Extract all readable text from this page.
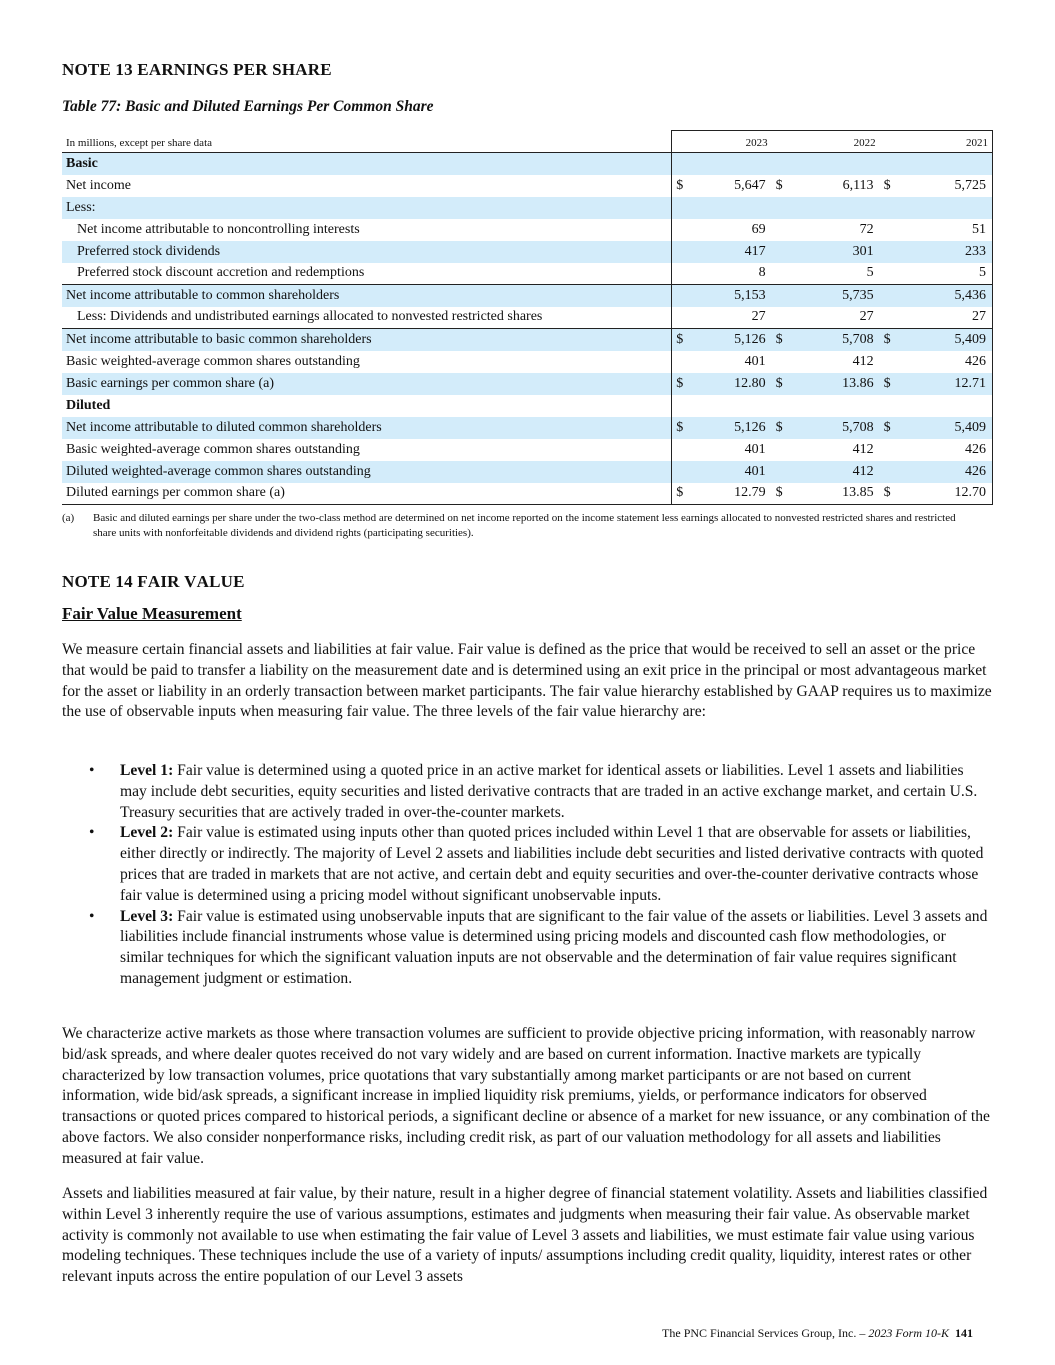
NOTE 13 EARNINGS PER SHARE
Table 77: Basic and Diluted Earnings Per Common Share
In millions, except per share data	2023		2022		2021	
Basic						
Net income	$	5,647	$	6,113	$	5,725
Less:						
Net income attributable to noncontrolling interests		69		72		51
Preferred stock dividends		417		301		233
Preferred stock discount accretion and redemptions		8		5		5
Net income attributable to common shareholders		5,153		5,735		5,436
Less: Dividends and undistributed earnings allocated to nonvested restricted shares		27		27		27
Net income attributable to basic common shareholders	$	5,126	$	5,708	$	5,409
Basic weighted-average common shares outstanding		401		412		426
Basic earnings per common share (a)	$	12.80	$	13.86	$	12.71
Diluted						
Net income attributable to diluted common shareholders	$	5,126	$	5,708	$	5,409
Basic weighted-average common shares outstanding		401		412		426
Diluted weighted-average common shares outstanding		401		412		426
Diluted earnings per common share (a)	$	12.79	$	13.85	$	12.70
(a)	Basic and diluted earnings per share under the two-class method are determined on net income reported on the income statement less earnings allocated to nonvested restricted shares and restricted share units with nonforfeitable dividends and dividend rights (participating securities).
NOTE 14 FAIR VALUE
Fair Value Measurement
We measure certain financial assets and liabilities at fair value. Fair value is defined as the price that would be received to sell an asset or the price that would be paid to transfer a liability on the measurement date and is determined using an exit price in the principal or most advantageous market for the asset or liability in an orderly transaction between market participants. The fair value hierarchy established by GAAP requires us to maximize the use of observable inputs when measuring fair value. The three levels of the fair value hierarchy are:
• Level 1: Fair value is determined using a quoted price in an active market for identical assets or liabilities. Level 1 assets and liabilities may include debt securities, equity securities and listed derivative contracts that are traded in an active exchange market, and certain U.S. Treasury securities that are actively traded in over-the-counter markets.
• Level 2: Fair value is estimated using inputs other than quoted prices included within Level 1 that are observable for assets or liabilities, either directly or indirectly. The majority of Level 2 assets and liabilities include debt securities and listed derivative contracts with quoted prices that are traded in markets that are not active, and certain debt and equity securities and over-the-counter derivative contracts whose fair value is determined using a pricing model without significant unobservable inputs.
• Level 3: Fair value is estimated using unobservable inputs that are significant to the fair value of the assets or liabilities. Level 3 assets and liabilities include financial instruments whose value is determined using pricing models and discounted cash flow methodologies, or similar techniques for which the significant valuation inputs are not observable and the determination of fair value requires significant management judgment or estimation.
We characterize active markets as those where transaction volumes are sufficient to provide objective pricing information, with reasonably narrow bid/ask spreads, and where dealer quotes received do not vary widely and are based on current information. Inactive markets are typically characterized by low transaction volumes, price quotations that vary substantially among market participants or are not based on current information, wide bid/ask spreads, a significant increase in implied liquidity risk premiums, yields, or performance indicators for observed transactions or quoted prices compared to historical periods, a significant decline or absence of a market for new issuance, or any combination of the above factors. We also consider nonperformance risks, including credit risk, as part of our valuation methodology for all assets and liabilities measured at fair value.
Assets and liabilities measured at fair value, by their nature, result in a higher degree of financial statement volatility. Assets and liabilities classified within Level 3 inherently require the use of various assumptions, estimates and judgments when measuring their fair value. As observable market activity is commonly not available to use when estimating the fair value of Level 3 assets and liabilities, we must estimate fair value using various modeling techniques. These techniques include the use of a variety of inputs/ assumptions including credit quality, liquidity, interest rates or other relevant inputs across the entire population of our Level 3 assets
The PNC Financial Services Group, Inc. – 2023 Form 10-K 141
